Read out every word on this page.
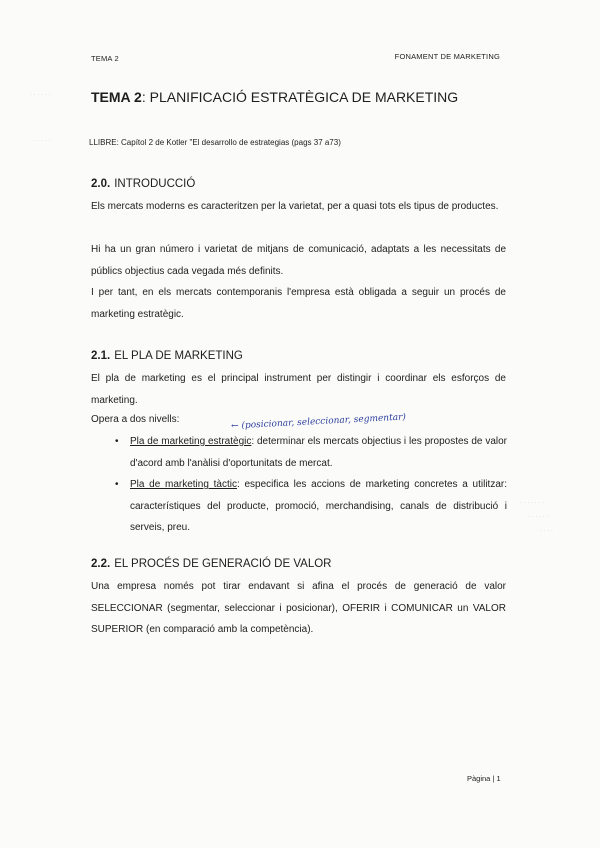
TEMA 2	FONAMENT DE MARKETING
· · · · · ·
· · · · ·
TEMA 2: PLANIFICACIÓ ESTRATÈGICA DE MARKETING
LLIBRE: Capítol 2 de Kotler "El desarrollo de estrategias (pags 37 a73)
2.0. INTRODUCCIÓ
Els mercats moderns es caracteritzen per la varietat, per a quasi tots els tipus de productes.
Hi ha un gran número i varietat de mitjans de comunicació, adaptats a les necessitats de públics objectius cada vegada més definits.
I per tant, en els mercats contemporanis l'empresa està obligada a seguir un procés de marketing estratègic.
2.1. EL PLA DE MARKETING
El pla de marketing es el principal instrument per distingir i coordinar els esforços de marketing.
Opera a dos nivells:	← (posicionar, seleccionar, segmentar)
• Pla de marketing estratègic: determinar els mercats objectius i les propostes de valor d'acord amb l'anàlisi d'oportunitats de mercat.
• Pla de marketing tàctic: especifica les accions de marketing concretes a utilitzar: característiques del producte, promoció, merchandising, canals de distribució i serveis, preu.
· · · · · · ·
· · · · · ·
· · · ·
2.2. EL PROCÉS DE GENERACIÓ DE VALOR
Una empresa només pot tirar endavant si afina el procés de generació de valor SELECCIONAR (segmentar, seleccionar i posicionar), OFERIR i COMUNICAR un VALOR SUPERIOR (en comparació amb la competència).
Pàgina | 1
